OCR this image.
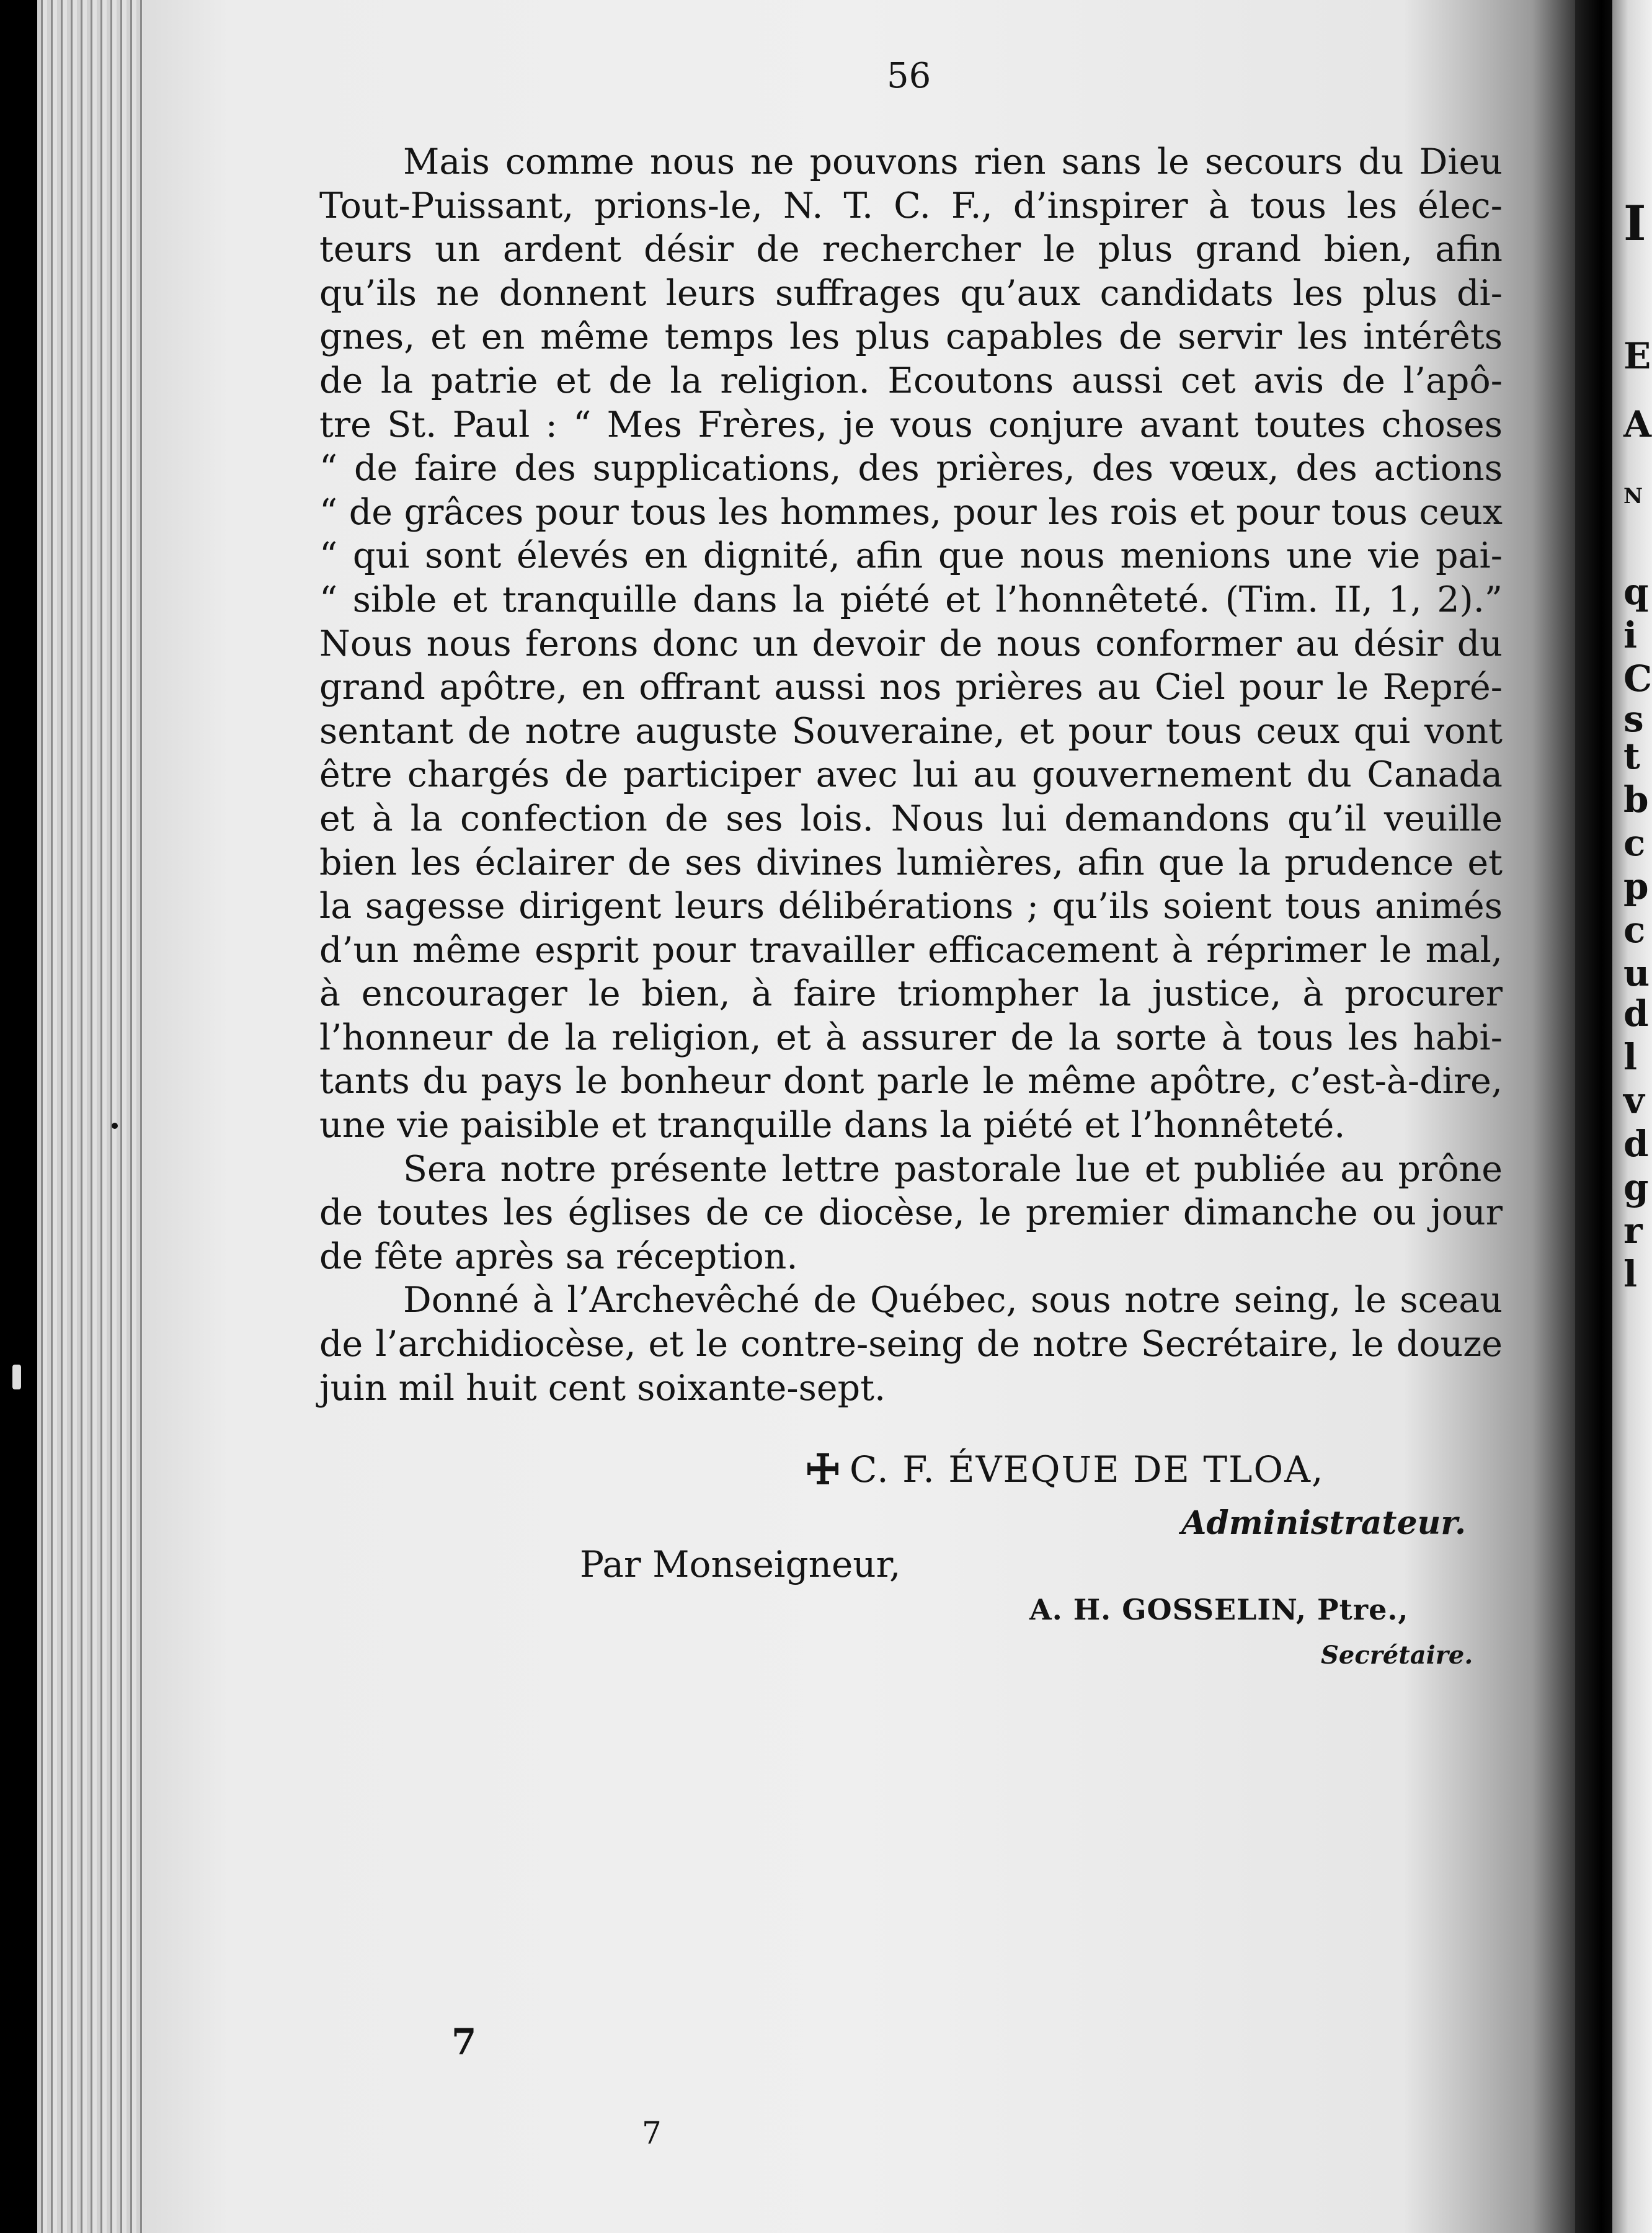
I
E
A
N
q
i
C
s
t
b
c
p
c
u
d
l
v
d
g
r
l
56
Mais comme nous ne pouvons rien sans le secours du Dieu
Tout-Puissant, prions-le, N. T. C. F., d’inspirer à tous les élec-
teurs un ardent désir de rechercher le plus grand bien, afin
qu’ils ne donnent leurs suffrages qu’aux candidats les plus di-
gnes, et en même temps les plus capables de servir les intérêts
de la patrie et de la religion. Ecoutons aussi cet avis de l’apô-
tre St. Paul : “ Mes Frères, je vous conjure avant toutes choses
“ de faire des supplications, des prières, des vœux, des actions
“ de grâces pour tous les hommes, pour les rois et pour tous ceux
“ qui sont élevés en dignité, afin que nous menions une vie pai-
“ sible et tranquille dans la piété et l’honnêteté. (Tim. II, 1, 2).”
Nous nous ferons donc un devoir de nous conformer au désir du
grand apôtre, en offrant aussi nos prières au Ciel pour le Repré-
sentant de notre auguste Souveraine, et pour tous ceux qui vont
être chargés de participer avec lui au gouvernement du Canada
et à la confection de ses lois. Nous lui demandons qu’il veuille
bien les éclairer de ses divines lumières, afin que la prudence et
la sagesse dirigent leurs délibérations ; qu’ils soient tous animés
d’un même esprit pour travailler efficacement à réprimer le mal,
à encourager le bien, à faire triompher la justice, à procurer
l’honneur de la religion, et à assurer de la sorte à tous les habi-
tants du pays le bonheur dont parle le même apôtre, c’est-à-dire,
une vie paisible et tranquille dans la piété et l’honnêteté.
Sera notre présente lettre pastorale lue et publiée au prône
de toutes les églises de ce diocèse, le premier dimanche ou jour
de fête après sa réception.
Donné à l’Archevêché de Québec, sous notre seing, le sceau
de l’archidiocèse, et le contre-seing de notre Secrétaire, le douze
juin mil huit cent soixante-sept.
C. F. ÉVEQUE DE TLOA,
Administrateur.
Par Monseigneur,
A. H. GOSSELIN, Ptre.,
Secrétaire.
7
7
